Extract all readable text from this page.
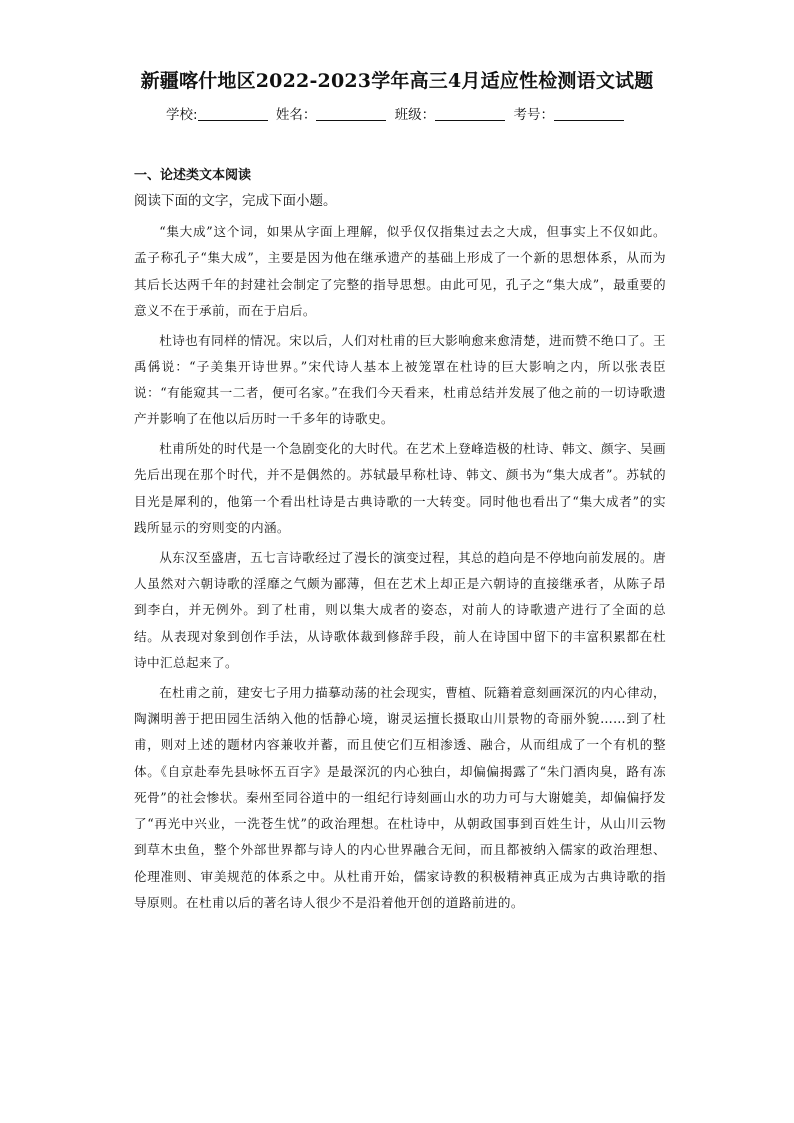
新疆喀什地区2022-2023学年高三4月适应性检测语文试题
学校:	姓名：	班级：	考号：
一、论述类文本阅读
阅读下面的文字，完成下面小题。

“集大成”这个词，如果从字面上理解，似乎仅仅指集过去之大成，但事实上不仅如此。孟子称孔子“集大成”，主要是因为他在继承遗产的基础上形成了一个新的思想体系，从而为其后长达两千年的封建社会制定了完整的指导思想。由此可见，孔子之“集大成”，最重要的意义不在于承前，而在于启后。

杜诗也有同样的情况。宋以后，人们对杜甫的巨大影响愈来愈清楚，进而赞不绝口了。王禹偁说：“子美集开诗世界。”宋代诗人基本上被笼罩在杜诗的巨大影响之内，所以张表臣说：“有能窥其一二者，便可名家。”在我们今天看来，杜甫总结并发展了他之前的一切诗歌遗产并影响了在他以后历时一千多年的诗歌史。

杜甫所处的时代是一个急剧变化的大时代。在艺术上登峰造极的杜诗、韩文、颜字、吴画先后出现在那个时代，并不是偶然的。苏轼最早称杜诗、韩文、颜书为“集大成者”。苏轼的目光是犀利的，他第一个看出杜诗是古典诗歌的一大转变。同时他也看出了“集大成者”的实践所显示的穷则变的内涵。

从东汉至盛唐，五七言诗歌经过了漫长的演变过程，其总的趋向是不停地向前发展的。唐人虽然对六朝诗歌的淫靡之气颇为鄙薄，但在艺术上却正是六朝诗的直接继承者，从陈子昂到李白，并无例外。到了杜甫，则以集大成者的姿态，对前人的诗歌遗产进行了全面的总结。从表现对象到创作手法，从诗歌体裁到修辞手段，前人在诗国中留下的丰富积累都在杜诗中汇总起来了。

在杜甫之前，建安七子用力描摹动荡的社会现实，曹植、阮籍着意刻画深沉的内心律动，陶渊明善于把田园生活纳入他的恬静心境，谢灵运擅长摄取山川景物的奇丽外貌……到了杜甫，则对上述的题材内容兼收并蓄，而且使它们互相渗透、融合，从而组成了一个有机的整体。《自京赴奉先县咏怀五百字》是最深沉的内心独白，却偏偏揭露了“朱门酒肉臭，路有冻死骨”的社会惨状。秦州至同谷道中的一组纪行诗刻画山水的功力可与大谢媲美，却偏偏抒发了“再光中兴业，一洗苍生忧”的政治理想。在杜诗中，从朝政国事到百姓生计，从山川云物到草木虫鱼，整个外部世界都与诗人的内心世界融合无间，而且都被纳入儒家的政治理想、伦理准则、审美规范的体系之中。从杜甫开始，儒家诗教的积极精神真正成为古典诗歌的指导原则。在杜甫以后的著名诗人很少不是沿着他开创的道路前进的。
